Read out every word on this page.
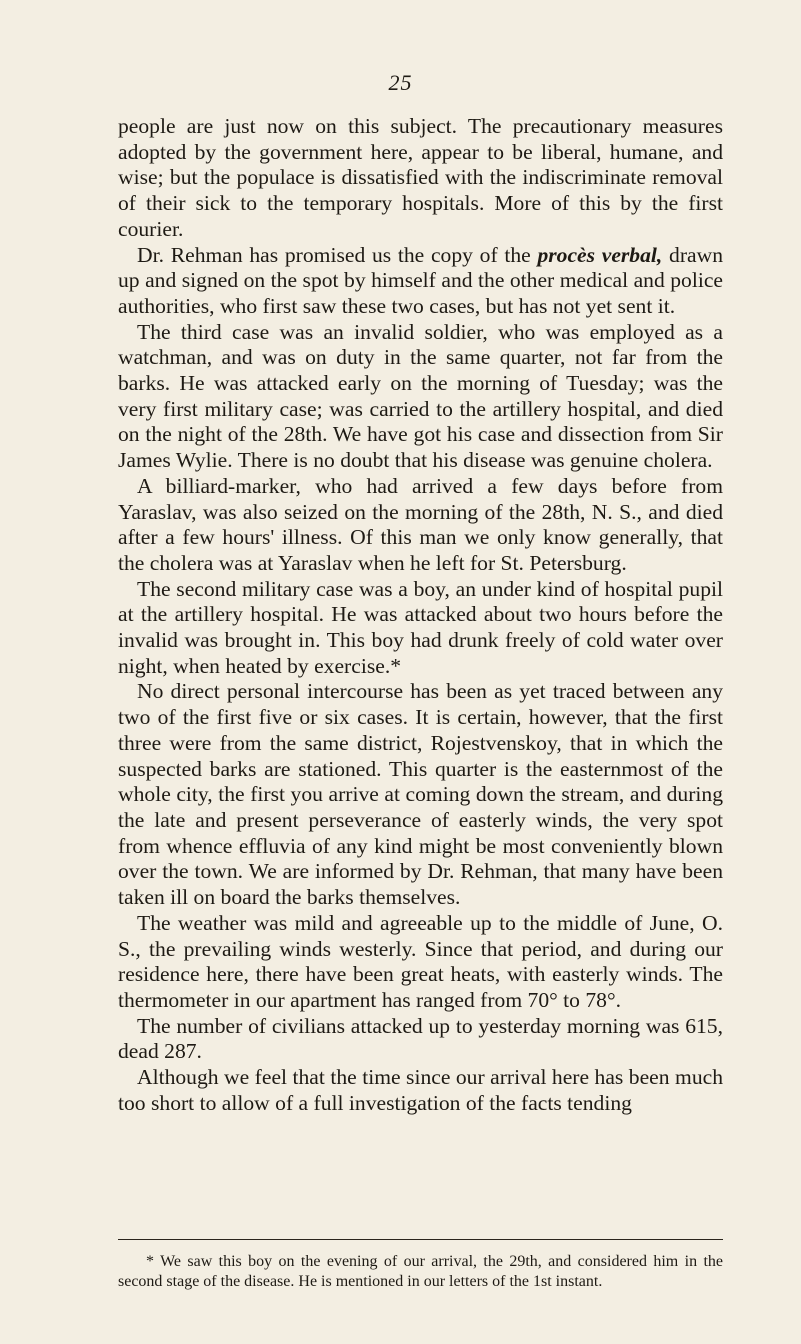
25

people are just now on this subject. The precautionary measures adopted by the government here, appear to be liberal, humane, and wise; but the populace is dissatisfied with the indiscriminate removal of their sick to the temporary hospitals. More of this by the first courier.

Dr. Rehman has promised us the copy of the procès verbal, drawn up and signed on the spot by himself and the other medical and police authorities, who first saw these two cases, but has not yet sent it.

The third case was an invalid soldier, who was employed as a watchman, and was on duty in the same quarter, not far from the barks. He was attacked early on the morning of Tuesday; was the very first military case; was carried to the artillery hospital, and died on the night of the 28th. We have got his case and dissection from Sir James Wylie. There is no doubt that his disease was genuine cholera.

A billiard-marker, who had arrived a few days before from Yaraslav, was also seized on the morning of the 28th, N. S., and died after a few hours' illness. Of this man we only know generally, that the cholera was at Yaraslav when he left for St. Petersburg.

The second military case was a boy, an under kind of hospital pupil at the artillery hospital. He was attacked about two hours before the invalid was brought in. This boy had drunk freely of cold water over night, when heated by exercise.*

No direct personal intercourse has been as yet traced between any two of the first five or six cases. It is certain, however, that the first three were from the same district, Rojestvenskoy, that in which the suspected barks are stationed. This quarter is the easternmost of the whole city, the first you arrive at coming down the stream, and during the late and present perseverance of easterly winds, the very spot from whence effluvia of any kind might be most conveniently blown over the town. We are informed by Dr. Rehman, that many have been taken ill on board the barks themselves.

The weather was mild and agreeable up to the middle of June, O. S., the prevailing winds westerly. Since that period, and during our residence here, there have been great heats, with easterly winds. The thermometer in our apartment has ranged from 70° to 78°.

The number of civilians attacked up to yesterday morning was 615, dead 287.

Although we feel that the time since our arrival here has been much too short to allow of a full investigation of the facts tending

* We saw this boy on the evening of our arrival, the 29th, and considered him in the second stage of the disease. He is mentioned in our letters of the 1st instant.
